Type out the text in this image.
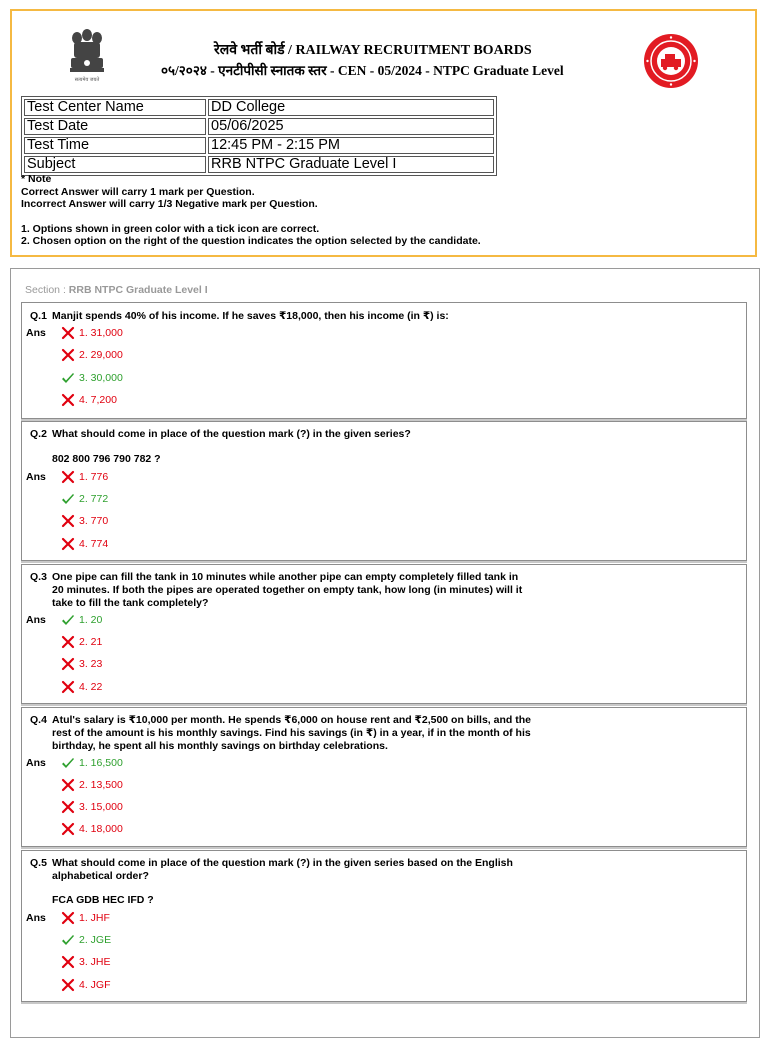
सत्यमेव जयते
रेलवे भर्ती बोर्ड / RAILWAY RECRUITMENT BOARDS
०५/२०२४ - एनटीपीसी स्नातक स्तर - CEN - 05/2024 - NTPC Graduate Level
Test Center Name	DD College
Test Date	05/06/2025
Test Time	12:45 PM - 2:15 PM
Subject	RRB NTPC Graduate Level I
* Note
Correct Answer will carry 1 mark per Question.
Incorrect Answer will carry 1/3 Negative mark per Question.
1. Options shown in green color with a tick icon are correct.
2. Chosen option on the right of the question indicates the option selected by the candidate.
Section : RRB NTPC Graduate Level I
Q.1 Manjit spends 40% of his income. If he saves ₹18,000, then his income (in ₹) is:
Ans	1. 31,000
2. 29,000
3. 30,000
4. 7,200
Q.2 What should come in place of the question mark (?) in the given series?
802 800 796 790 782 ?
Ans	1. 776
2. 772
3. 770
4. 774
Q.3 One pipe can fill the tank in 10 minutes while another pipe can empty completely filled tank in 20 minutes. If both the pipes are operated together on empty tank, how long (in minutes) will it take to fill the tank completely?
Ans	1. 20
2. 21
3. 23
4. 22
Q.4 Atul's salary is ₹10,000 per month. He spends ₹6,000 on house rent and ₹2,500 on bills, and the rest of the amount is his monthly savings. Find his savings (in ₹) in a year, if in the month of his birthday, he spent all his monthly savings on birthday celebrations.
Ans	1. 16,500
2. 13,500
3. 15,000
4. 18,000
Q.5 What should come in place of the question mark (?) in the given series based on the English alphabetical order?
FCA GDB HEC IFD ?
Ans	1. JHF
2. JGE
3. JHE
4. JGF
